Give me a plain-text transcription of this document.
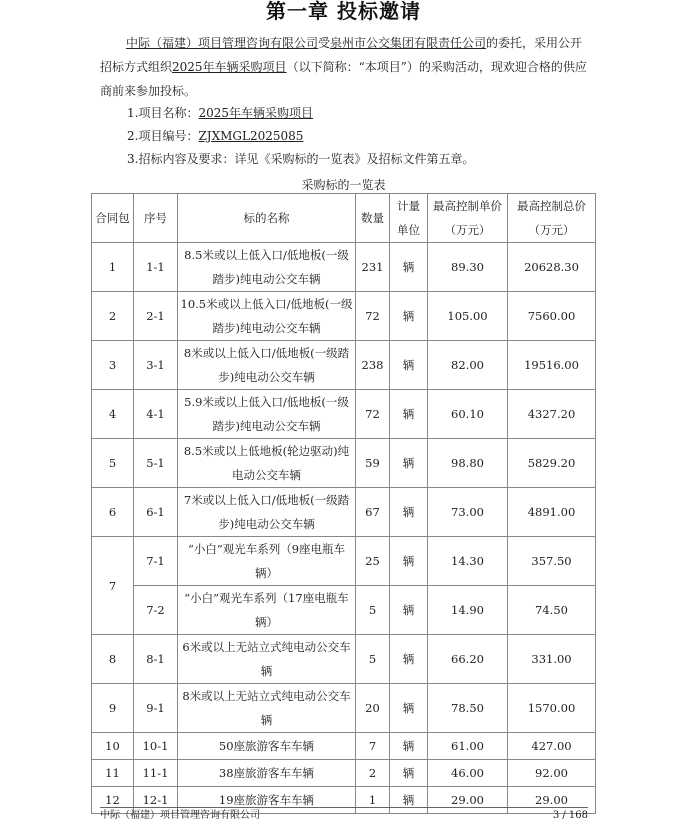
第一章 投标邀请
中际（福建）项目管理咨询有限公司受泉州市公交集团有限责任公司的委托，采用公开招标方式组织2025年车辆采购项目（以下简称：“本项目”）的采购活动，现欢迎合格的供应商前来参加投标。
1.项目名称：2025年车辆采购项目
2.项目编号：ZJXMGL2025085
3.招标内容及要求：详见《采购标的一览表》及招标文件第五章。
采购标的一览表
合同包	序号	标的名称	数量	计量单位	最高控制单价（万元）	最高控制总价 （万元）
1	1-1	8.5米或以上低入口/低地板(一级踏步)纯电动公交车辆	231	辆	89.30	20628.30
2	2-1	10.5米或以上低入口/低地板(一级踏步)纯电动公交车辆	72	辆	105.00	7560.00
3	3-1	8米或以上低入口/低地板(一级踏步)纯电动公交车辆	238	辆	82.00	19516.00
4	4-1	5.9米或以上低入口/低地板(一级踏步)纯电动公交车辆	72	辆	60.10	4327.20
5	5-1	8.5米或以上低地板(轮边驱动)纯电动公交车辆	59	辆	98.80	5829.20
6	6-1	7米或以上低入口/低地板(一级踏步)纯电动公交车辆	67	辆	73.00	4891.00
7	7-1	“小白”观光车系列（9座电瓶车辆）	25	辆	14.30	357.50
	7-2	“小白”观光车系列（17座电瓶车辆）	5	辆	14.90	74.50
8	8-1	6米或以上无站立式纯电动公交车辆	5	辆	66.20	331.00
9	9-1	8米或以上无站立式纯电动公交车辆	20	辆	78.50	1570.00
10	10-1	50座旅游客车车辆	7	辆	61.00	427.00
11	11-1	38座旅游客车车辆	2	辆	46.00	92.00
12	12-1	19座旅游客车车辆	1	辆	29.00	29.00
中际（福建）项目管理咨询有限公司	3 / 168
